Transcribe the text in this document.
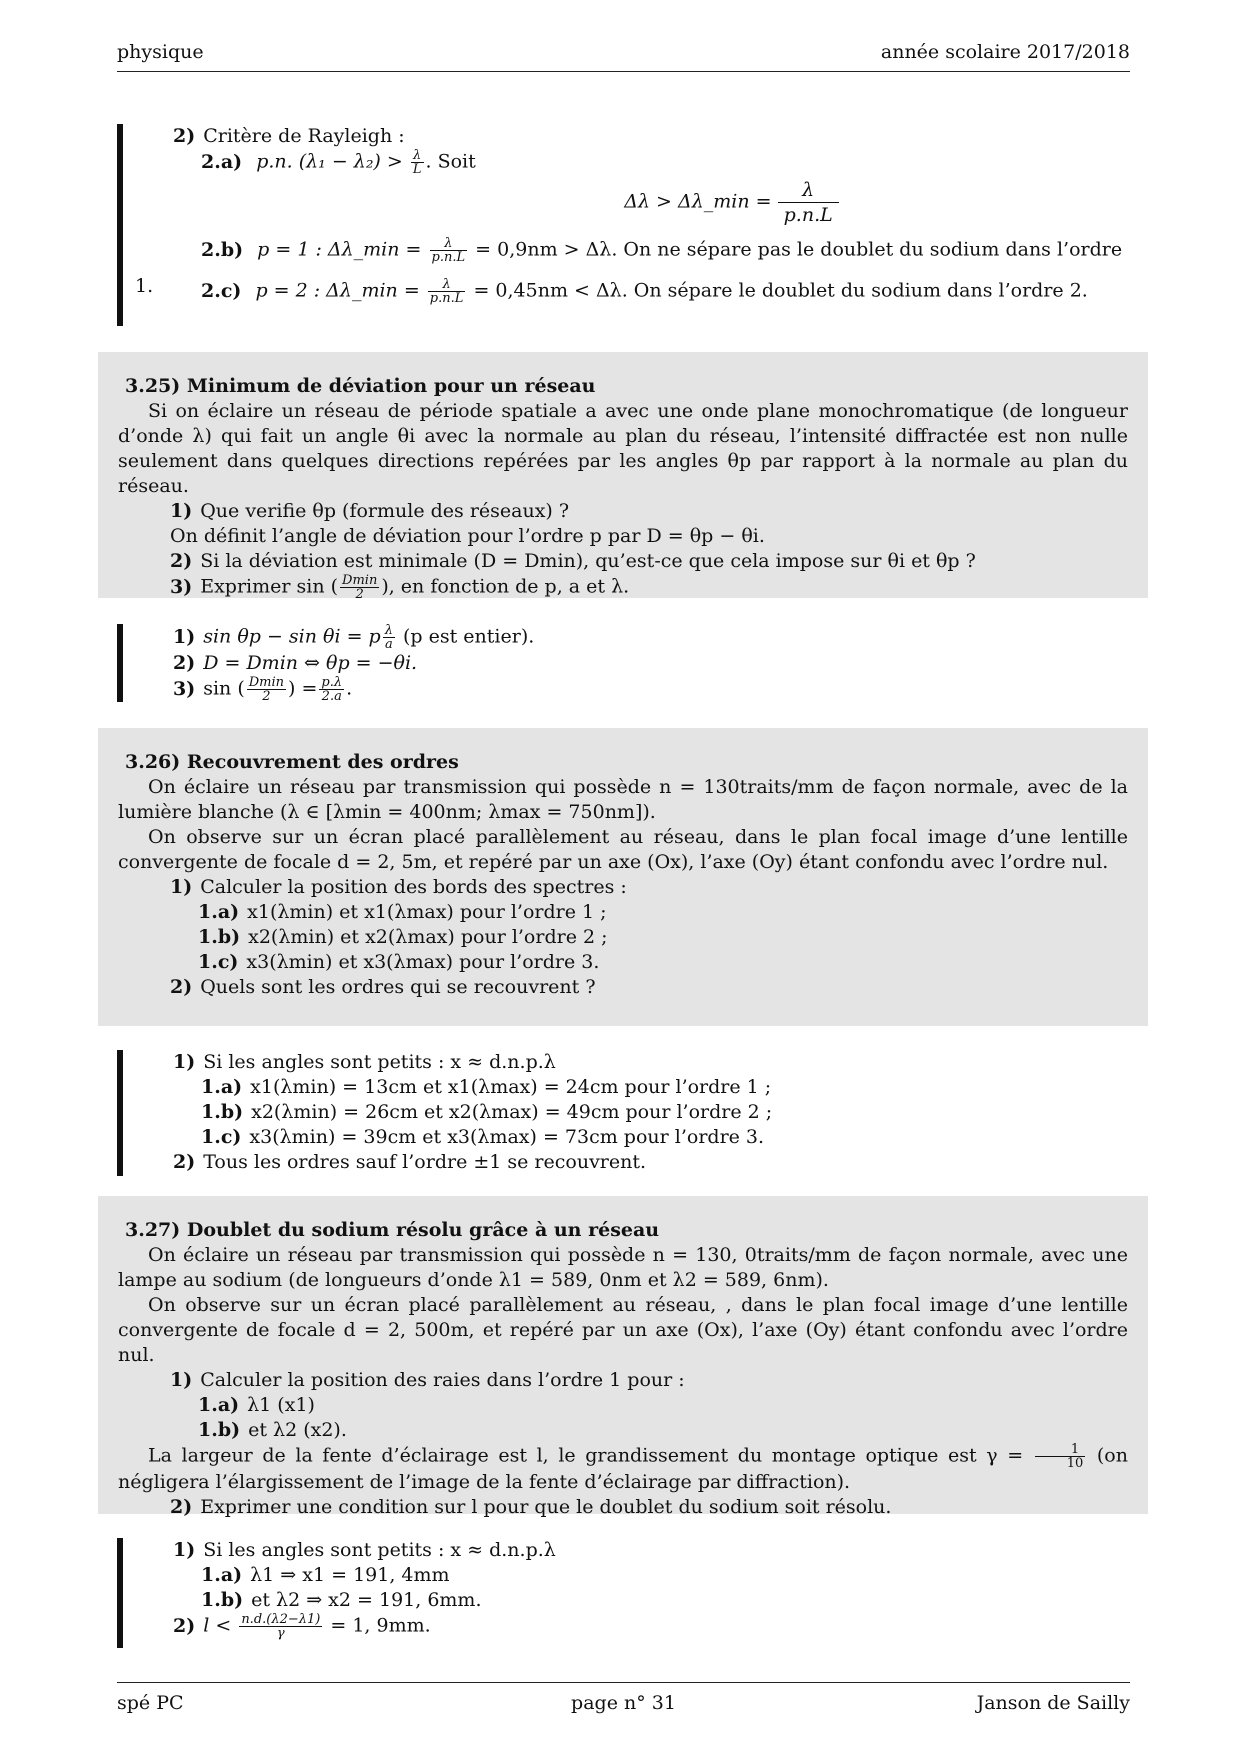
physique	année scolaire 2017/2018
1.
2) Critère de Rayleigh :
2.a) p.n. $(\lambda_1 - \lambda_2) > \frac{\lambda}{L}$ . Soit
Δλ > Δλ_min = $\frac{\lambda}{p.n.L}$
2.b) p = 1 : Δλ_min = $\frac{\lambda}{p.n.L} = 0,9nm > \Delta\lambda$. On ne sépare pas le doublet du sodium dans l’ordre
2.c) p = 2 : Δλ_min = $\frac{\lambda}{p.n.L} = 0,45nm < \Delta\lambda$. On sépare le doublet du sodium dans l’ordre 2.
3.25) Minimum de déviation pour un réseau
Si on éclaire un réseau de période spatiale a avec une onde plane monochromatique (de longueur d’onde λ) qui fait un angle θi avec la normale au plan du réseau, l’intensité diffractée est non nulle seulement dans quelques directions repérées par les angles θp par rapport à la normale au plan du réseau.
1) Que verifie θp (formule des réseaux) ?
On définit l’angle de déviation pour l’ordre p par D = θp − θi.
2) Si la déviation est minimale (D = Dmin), qu’est-ce que cela impose sur θi et θp ?
3) Exprimer sin ( $\frac{Dmin}{2}$ ), en fonction de p, a et λ.
1) sin θp − sin θi = p $\frac{\lambda}{a} (p$ est entier).
2) D = Dmin ⇔ θp = −θi.
3) sin ( $\frac{Dmin}{2}$ ) = $\frac{p.\lambda}{2.a}$ .
3.26) Recouvrement des ordres
On éclaire un réseau par transmission qui possède n = 130traits/mm de façon normale, avec de la lumière blanche (λ ∈ [λmin = 400nm; λmax = 750nm]).
On observe sur un écran placé parallèlement au réseau, dans le plan focal image d’une lentille convergente de focale d = 2, 5m, et repéré par un axe (Ox), l’axe (Oy) étant confondu avec l’ordre nul.
1) Calculer la position des bords des spectres :
1.a) x1(λmin) et x1(λmax) pour l’ordre 1 ;
1.b) x2(λmin) et x2(λmax) pour l’ordre 2 ;
1.c) x3(λmin) et x3(λmax) pour l’ordre 3.
2) Quels sont les ordres qui se recouvrent ?
1) Si les angles sont petits : x ≈ d.n.p.λ
1.a) x1(λmin) = 13cm et x1(λmax) = 24cm pour l’ordre 1 ;
1.b) x2(λmin) = 26cm et x2(λmax) = 49cm pour l’ordre 2 ;
1.c) x3(λmin) = 39cm et x3(λmax) = 73cm pour l’ordre 3.
2) Tous les ordres sauf l’ordre ±1 se recouvrent.
3.27) Doublet du sodium résolu grâce à un réseau
On éclaire un réseau par transmission qui possède n = 130, 0traits/mm de façon normale, avec une lampe au sodium (de longueurs d’onde λ1 = 589, 0nm et λ2 = 589, 6nm).
On observe sur un écran placé parallèlement au réseau, , dans le plan focal image d’une lentille convergente de focale d = 2, 500m, et repéré par un axe (Ox), l’axe (Oy) étant confondu avec l’ordre nul.
1) Calculer la position des raies dans l’ordre 1 pour :
1.a) λ1 (x1)
1.b) et λ2 (x2).
La largeur de la fente d’éclairage est l, le grandissement du montage optique est $\gamma = \frac{1}{10} (on$ négligera l’élargissement de l’image de la fente d’éclairage par diffraction).
2) Exprimer une condition sur l pour que le doublet du sodium soit résolu.
1) Si les angles sont petits : x ≈ d.n.p.λ
1.a) λ1 ⇒ x1 = 191, 4mm
1.b) et λ2 ⇒ x2 = 191, 6mm.
2) $l < \frac{n.d.(\lambda 2-\lambda 1)}{\gamma} = 1$, 9mm.
spé PC	page n° 31	Janson de Sailly
